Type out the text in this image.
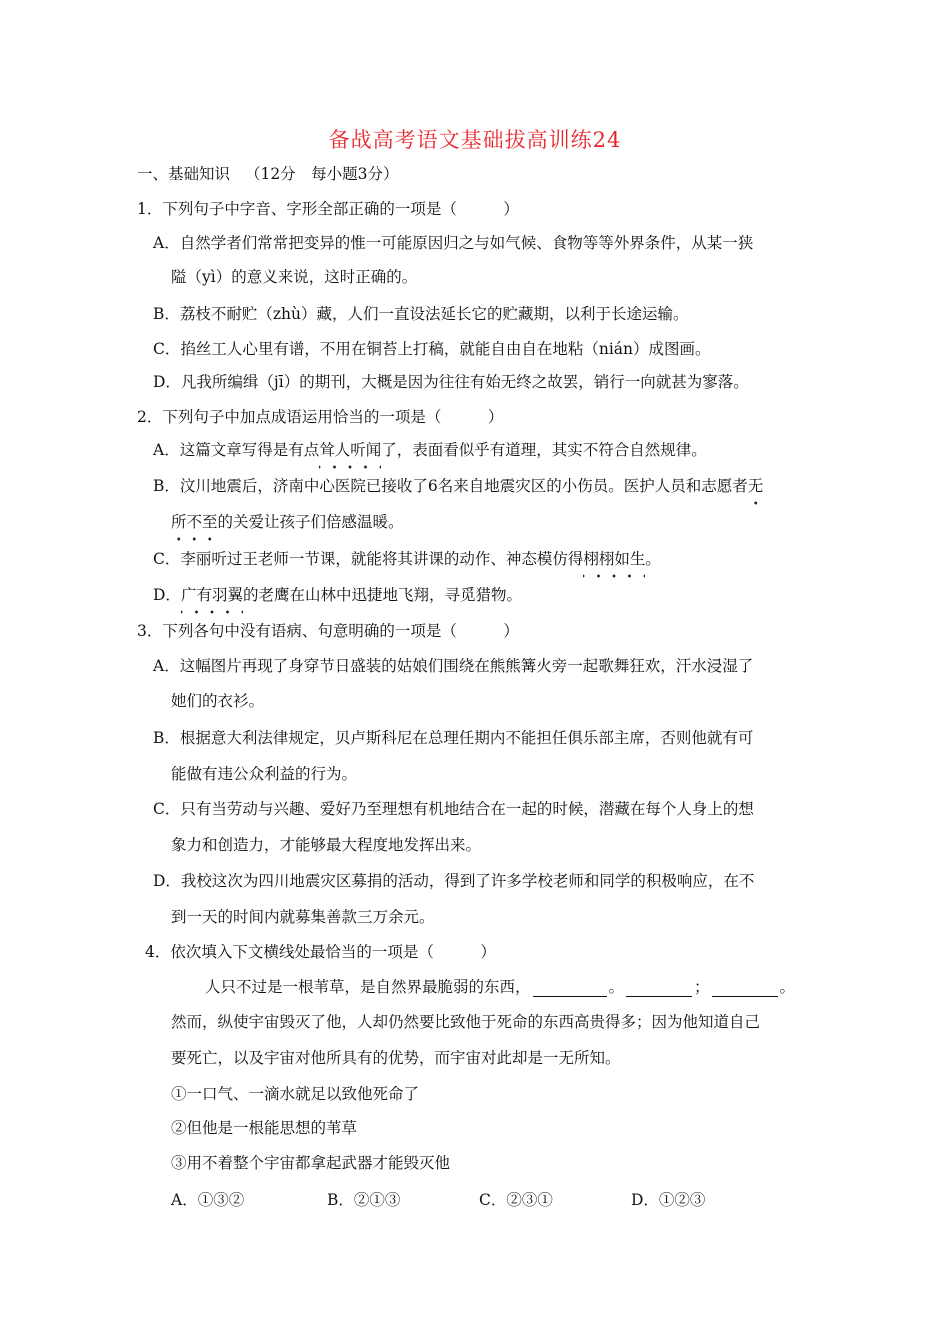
备战高考语文基础拔高训练24
一、基础知识 （12分　每小题3分）
1．下列句子中字音、字形全部正确的一项是（　　　）
A．自然学者们常常把变异的惟一可能原因归之与如气候、食物等等外界条件，从某一狭
隘（yì）的意义来说，这时正确的。
B．荔枝不耐贮（zhù）藏，人们一直设法延长它的贮藏期，以利于长途运输。
C．掐丝工人心里有谱，不用在铜苔上打稿，就能自由自在地粘（nián）成图画。
D．凡我所编缉（jī）的期刊，大概是因为往往有始无终之故罢，销行一向就甚为寥落。
2．下列句子中加点成语运用恰当的一项是（　　　）
A．这篇文章写得是有点耸人听闻了，表面看似乎有道理，其实不符合自然规律。
B．汶川地震后，济南中心医院已接收了6名来自地震灾区的小伤员。医护人员和志愿者无
所不至的关爱让孩子们倍感温暖。
C．李丽听过王老师一节课，就能将其讲课的动作、神态模仿得栩栩如生。
D．广有羽翼的老鹰在山林中迅捷地飞翔，寻觅猎物。
3．下列各句中没有语病、句意明确的一项是（　　　）
A．这幅图片再现了身穿节日盛装的姑娘们围绕在熊熊篝火旁一起歌舞狂欢，汗水浸湿了
她们的衣衫。
B．根据意大利法律规定，贝卢斯科尼在总理任期内不能担任俱乐部主席，否则他就有可
能做有违公众利益的行为。
C．只有当劳动与兴趣、爱好乃至理想有机地结合在一起的时候，潜藏在每个人身上的想
象力和创造力，才能够最大程度地发挥出来。
D．我校这次为四川地震灾区募捐的活动，得到了许多学校老师和同学的积极响应，在不
到一天的时间内就募集善款三万余元。
4．依次填入下文横线处最恰当的一项是（　　　）
人只不过是一根苇草，是自然界最脆弱的东西，	。	；	。
然而，纵使宇宙毁灭了他，人却仍然要比致他于死命的东西高贵得多；因为他知道自己
要死亡，以及宇宙对他所具有的优势，而宇宙对此却是一无所知。
①一口气、一滴水就足以致他死命了
②但他是一根能思想的苇草
③用不着整个宇宙都拿起武器才能毁灭他
A．①③②	B．②①③	C．②③①	D．①②③
